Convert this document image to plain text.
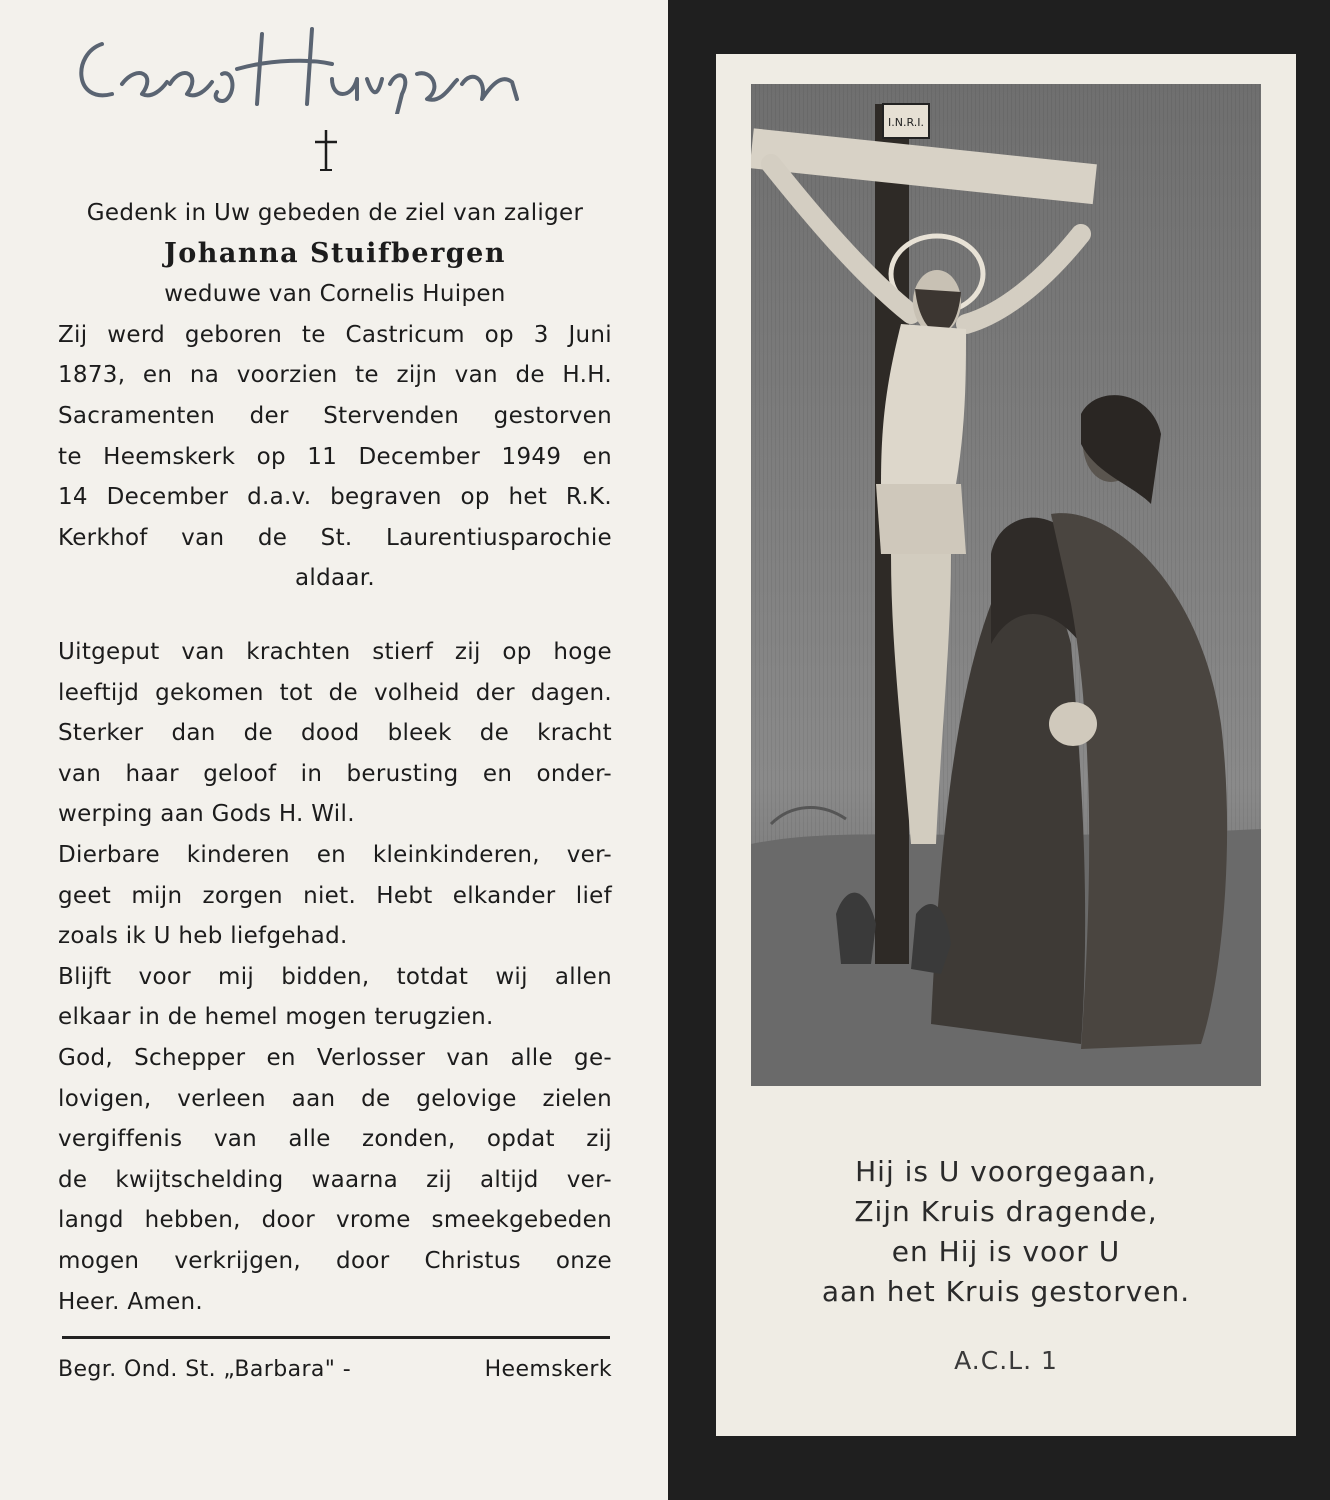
Gedenk in Uw gebeden de ziel van zaliger
Johanna Stuifbergen
weduwe van Cornelis Huipen
Zij werd geboren te Castricum op 3 Juni
1873, en na voorzien te zijn van de H.H.
Sacramenten der Stervenden gestorven
te Heemskerk op 11 December 1949 en
14 December d.a.v. begraven op het R.K.
Kerkhof van de St. Laurentiusparochie
aldaar.
Uitgeput van krachten stierf zij op hoge
leeftijd gekomen tot de volheid der dagen.
Sterker dan de dood bleek de kracht
van haar geloof in berusting en onder-
werping aan Gods H. Wil.
Dierbare kinderen en kleinkinderen, ver-
geet mijn zorgen niet. Hebt elkander lief
zoals ik U heb liefgehad.
Blijft voor mij bidden, totdat wij allen
elkaar in de hemel mogen terugzien.
God, Schepper en Verlosser van alle ge-
lovigen, verleen aan de gelovige zielen
vergiffenis van alle zonden, opdat zij
de kwijtschelding waarna zij altijd ver-
langd hebben, door vrome smeekgebeden
mogen verkrijgen, door Christus onze
Heer. Amen.
Begr. Ond. St. „Barbara" -	Heemskerk
I.N.R.I.
Hij is U voorgegaan,
Zijn Kruis dragende,
en Hij is voor U
aan het Kruis gestorven.
A.C.L. 1
